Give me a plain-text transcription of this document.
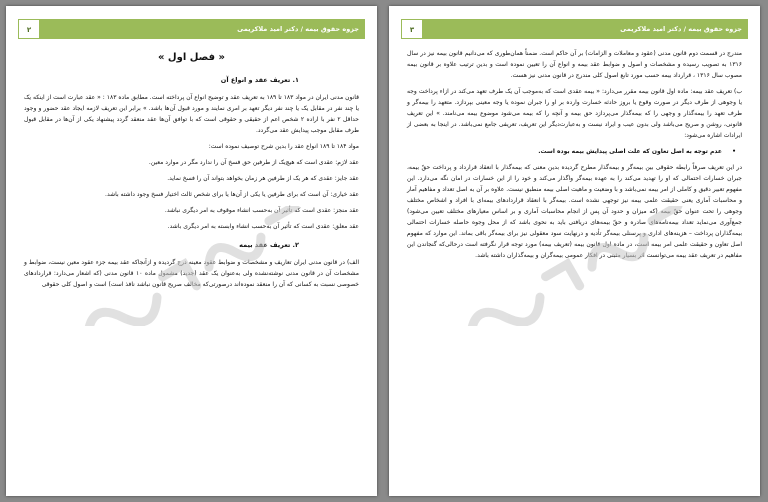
۲	جزوه حقوق بیمه / دکتر امید ملاکریمی
« فصل اول »
۱. تعریف عقد و انواع آن

قانون مدنی ایران در مواد ۱۸۳ تا ۱۸۹ به تعریف عقد و توضیح انواع آن پرداخته است. مطابق ماده ۱۸۳ : « عقد عبارت است از اینکه یک یا چند نفر در مقابل یک یا چند نفر دیگر تعهد بر امری نمایند و مورد قبول آن‌ها باشد. » برابر این تعریف لازمه ایجاد عقد حضور و وجود حداقل ۲ نفر با اراده ۲ شخص اعم از حقیقی و حقوقی است که با توافق آن‌ها عقد منعقد گردد پیشنهاد یکی از آن‌ها در مقابل قبول طرف مقابل موجب پیدایش عقد می‌گردد.

مواد ۱۸۴ تا ۱۸۹ انواع عقد را بدین شرح توصیف نموده است:

عقد لازم: عقدی است که هیچ‌یک از طرفین حق فسخ آن را ندارد مگر در موارد معین.

عقد جایز: عقدی که هر یک از طرفین هر زمان بخواهد بتواند آن را فسخ نماید.

عقد خیاری: آن است که برای طرفین یا یکی از آن‌ها یا برای شخص ثالث اختیار فسخ وجود داشته باشد.

عقد منجز: عقدی است که تأثیر آن به‌حسب انشاء موقوف به امر دیگری نباشد.

عقد معلق: عقدی است که تأثیر آن به‌حسب انشاء وابسته به امر دیگری باشد.

۲. تعریف عقد بیمه

الف) در قانون مدنی ایران تعاریف و مشخصات و ضوابط عقود معینه درج گردیده و ازآنجاکه عقد بیمه جزء عقود معین نیست، ضوابط و مشخصات آن در قانون مدنی نوشته‌نشده ولی به‌عنوان یک عقد (جدید) مشمول ماده ۱۰ قانون مدنی (که اشعار می‌دارد: قراردادهای خصوصی نسبت به کسانی که آن را منعقد نموده‌اند درصورتی‌که مخالف صریح قانون نباشد نافذ است) است و اصول کلی حقوقی

۳	جزوه حقوق بیمه / دکتر امید ملاکریمی

مندرج در قسمت دوم قانون مدنی (عقود و معاملات و الزامات) بر آن حاکم است. ضمناً همان‌طوری که می‌دانیم قانون بیمه نیز در سال ۱۳۱۶ به تصویب رسیده و مشخصات و اصول و ضوابط عقد بیمه و انواع آن را تعیین نموده است و بدین ترتیب علاوه بر قانون بیمه مصوب سال ۱۳۱۶ ، قرارداد بیمه حسب مورد تابع اصول کلی مندرج در قانون مدنی نیز هست.

ب) تعریف عقد بیمه: ماده اول قانون بیمه مقرر می‌دارد: « بیمه عقدی است که به‌موجب آن یک طرف تعهد می‌کند در ازاء پرداخت وجه یا وجوهی از طرف دیگر در صورت وقوع یا بروز حادثه خسارت وارده بر او را جبران نموده یا وجه معینی بپردازد. متعهد را بیمه‌گر و طرف تعهد را بیمه‌گذار و وجهی را که بیمه‌گذار می‌پردازد حق بیمه و آنچه را که بیمه می‌شود موضوع بیمه می‌نامند. » این تعریف قانونی، روشن و صریح می‌باشد ولی بدون عیب و ایراد نیست و به‌عبارت‌دیگر این تعریف، تعریفی جامع نمی‌باشد. در اینجا به بعضی از ایرادات اشاره می‌شود:

• عدم توجه به اصل تعاون که علت اصلی پیدایش بیمه بوده است.

در این تعریف صرفاً رابطه حقوقی بین بیمه‌گر و بیمه‌گذار مطرح گردیده بدین معنی که بیمه‌گذار با انعقاد قرارداد و پرداخت حقّ بیمه، جبران خسارات احتمالی که او را تهدید می‌کند را به عهده بیمه‌گر واگذار می‌کند و خود را از این خسارات در امان نگه می‌دارد. این مفهوم تعبیر دقیق و کاملی از امر بیمه نمی‌باشد و با وضعیت و ماهیت اصلی بیمه منطبق نیست. علاوه بر آن به اصل تعداد و مفاهیم آمار و محاسبات آماری یعنی حقیقت علمی بیمه نیز توجهی نشده است. بیمه‌گر با انعقاد قراردادهای بیمه‌ای با افراد و اشخاص مختلف وجوهی را تحت عنوان حقّ بیمه (که میزان و حدود آن پس از انجام محاسبات آماری و بر اساس معیارهای مختلف تعیین می‌شود) جمع‌آوری می‌نماید تعداد بیمه‌نامه‌های صادره و حقّ بیمه‌های دریافتی باید به نحوی باشد که از محل وجوه حاصله خسارات احتمالی بیمه‌گذاران پرداخت – هزینه‌های اداری و پرسنلی بیمه‌گر تأدیه و درنهایت سود معقولی نیز برای بیمه‌گر باقی بماند. این موارد که مفهوم اصل تعاون و حقیقت علمی امر بیمه است، در ماده اول قانون بیمه (تعریف بیمه) مورد توجه قرار نگرفته است درحالی‌که گنجاندن این مفاهیم در تعریف عقد بیمه می‌توانست اثر بسیار مثبتی در افکار عمومی بیمه‌گران و بیمه‌گذاران داشته باشد.
